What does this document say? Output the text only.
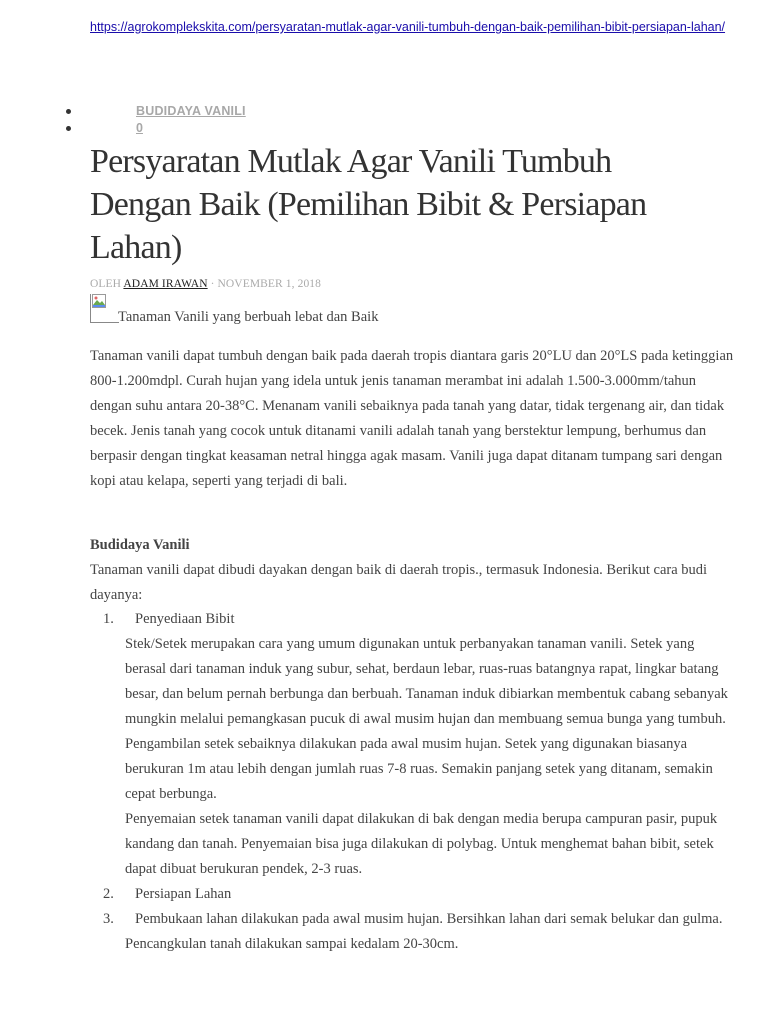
https://agrokomplekskita.com/persyaratan-mutlak-agar-vanili-tumbuh-dengan-baik-pemilihan-bibit-persiapan-lahan/
BUDIDAYA VANILI
0
Persyaratan Mutlak Agar Vanili Tumbuh Dengan Baik (Pemilihan Bibit & Persiapan Lahan)
OLEH ADAM IRAWAN · NOVEMBER 1, 2018
Tanaman Vanili yang berbuah lebat dan Baik

Tanaman vanili dapat tumbuh dengan baik pada daerah tropis diantara garis 20°LU dan 20°LS pada ketinggian 800-1.200mdpl. Curah hujan yang idela untuk jenis tanaman merambat ini adalah 1.500-3.000mm/tahun dengan suhu antara 20-38°C. Menanam vanili sebaiknya pada tanah yang datar, tidak tergenang air, dan tidak becek. Jenis tanah yang cocok untuk ditanami vanili adalah tanah yang berstektur lempung, berhumus dan berpasir dengan tingkat keasaman netral hingga agak masam. Vanili juga dapat ditanam tumpang sari dengan kopi atau kelapa, seperti yang terjadi di bali.

Budidaya Vanili

Tanaman vanili dapat dibudi dayakan dengan baik di daerah tropis., termasuk Indonesia. Berikut cara budi dayanya:

1.	Penyediaan Bibit

Stek/Setek merupakan cara yang umum digunakan untuk perbanyakan tanaman vanili. Setek yang berasal dari tanaman induk yang subur, sehat, berdaun lebar, ruas-ruas batangnya rapat, lingkar batang besar, dan belum pernah berbunga dan berbuah. Tanaman induk dibiarkan membentuk cabang sebanyak mungkin melalui pemangkasan pucuk di awal musim hujan dan membuang semua bunga yang tumbuh.

Pengambilan setek sebaiknya dilakukan pada awal musim hujan. Setek yang digunakan biasanya berukuran 1m atau lebih dengan jumlah ruas 7-8 ruas. Semakin panjang setek yang ditanam, semakin cepat berbunga.

Penyemaian setek tanaman vanili dapat dilakukan di bak dengan media berupa campuran pasir, pupuk kandang dan tanah. Penyemaian bisa juga dilakukan di polybag. Untuk menghemat bahan bibit, setek dapat dibuat berukuran pendek, 2-3 ruas.

2.	Persiapan Lahan
3.	Pembukaan lahan dilakukan pada awal musim hujan. Bersihkan lahan dari semak belukar dan gulma. Pencangkulan tanah dilakukan sampai kedalam 20-30cm.
